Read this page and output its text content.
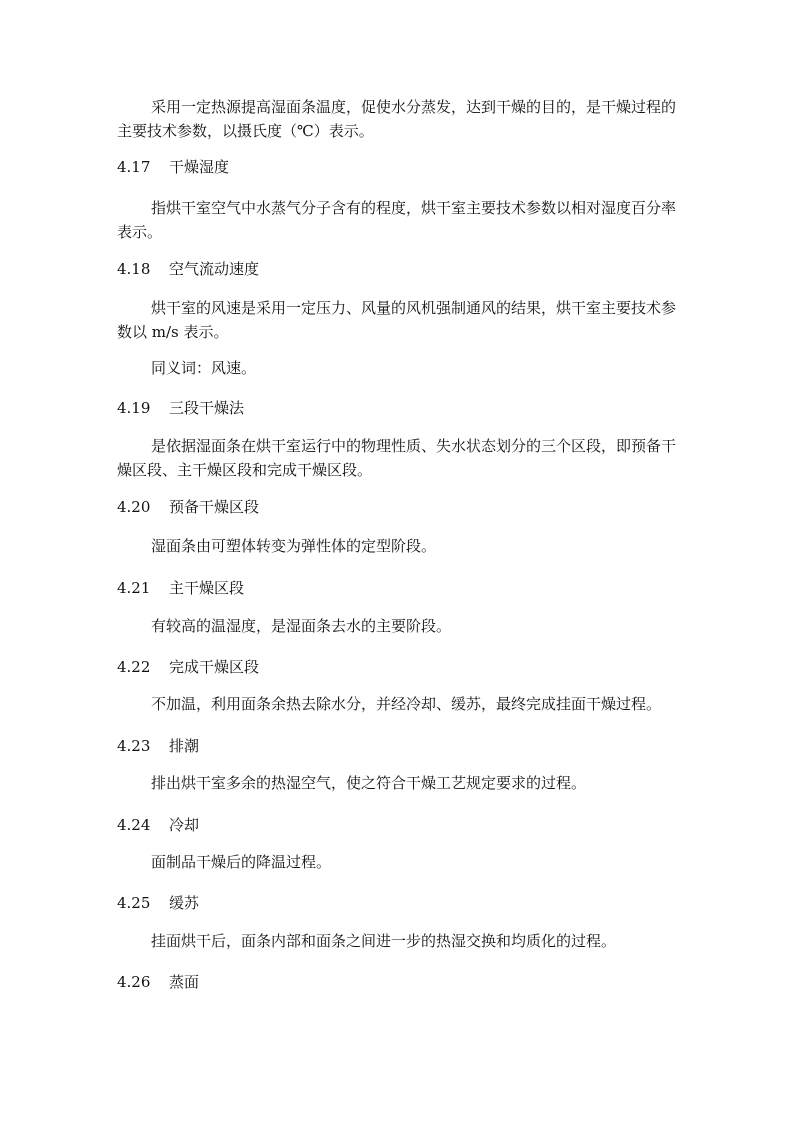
采用一定热源提高湿面条温度，促使水分蒸发，达到干燥的目的，是干燥过程的主要技术参数，以摄氏度（℃）表示。

4.17 干燥湿度

指烘干室空气中水蒸气分子含有的程度，烘干室主要技术参数以相对湿度百分率表示。

4.18 空气流动速度

烘干室的风速是采用一定压力、风量的风机强制通风的结果，烘干室主要技术参数以 m/s 表示。

同义词：风速。

4.19 三段干燥法

是依据湿面条在烘干室运行中的物理性质、失水状态划分的三个区段，即预备干燥区段、主干燥区段和完成干燥区段。

4.20 预备干燥区段

湿面条由可塑体转变为弹性体的定型阶段。

4.21 主干燥区段

有较高的温湿度，是湿面条去水的主要阶段。

4.22 完成干燥区段

不加温，利用面条余热去除水分，并经冷却、缓苏，最终完成挂面干燥过程。

4.23 排潮

排出烘干室多余的热湿空气，使之符合干燥工艺规定要求的过程。

4.24 冷却

面制品干燥后的降温过程。

4.25 缓苏

挂面烘干后，面条内部和面条之间进一步的热湿交换和均质化的过程。

4.26 蒸面
